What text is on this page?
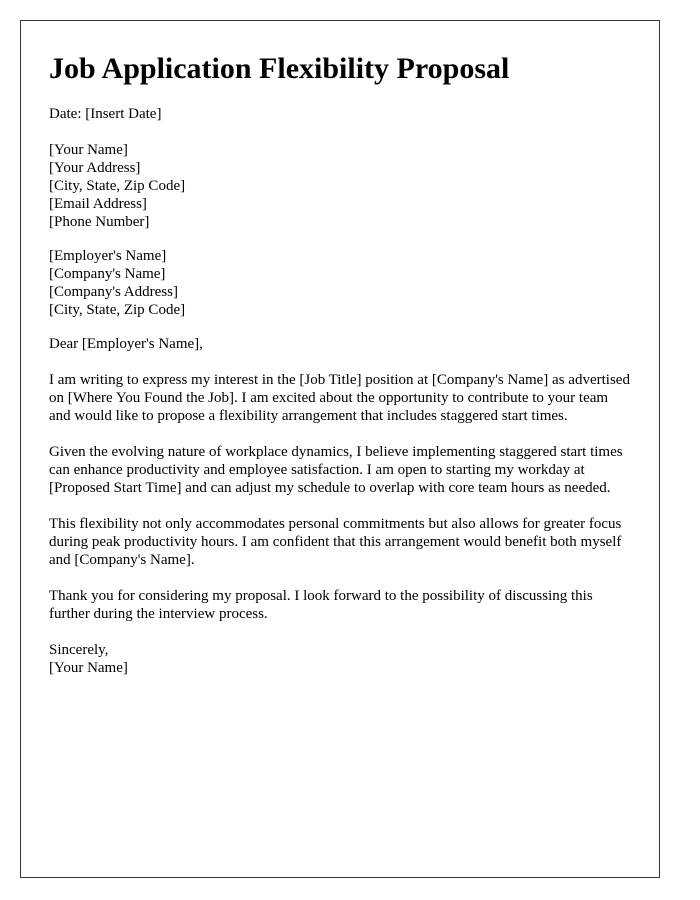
Job Application Flexibility Proposal

Date: [Insert Date]

[Your Name]
[Your Address]
[City, State, Zip Code]
[Email Address]
[Phone Number]
[Employer's Name]
[Company's Name]
[Company's Address]
[City, State, Zip Code]

Dear [Employer's Name],

I am writing to express my interest in the [Job Title] position at [Company's Name] as advertised on [Where You Found the Job]. I am excited about the opportunity to contribute to your team and would like to propose a flexibility arrangement that includes staggered start times.

Given the evolving nature of workplace dynamics, I believe implementing staggered start times can enhance productivity and employee satisfaction. I am open to starting my workday at [Proposed Start Time] and can adjust my schedule to overlap with core team hours as needed.

This flexibility not only accommodates personal commitments but also allows for greater focus during peak productivity hours. I am confident that this arrangement would benefit both myself and [Company's Name].

Thank you for considering my proposal. I look forward to the possibility of discussing this further during the interview process.

Sincerely,
[Your Name]
